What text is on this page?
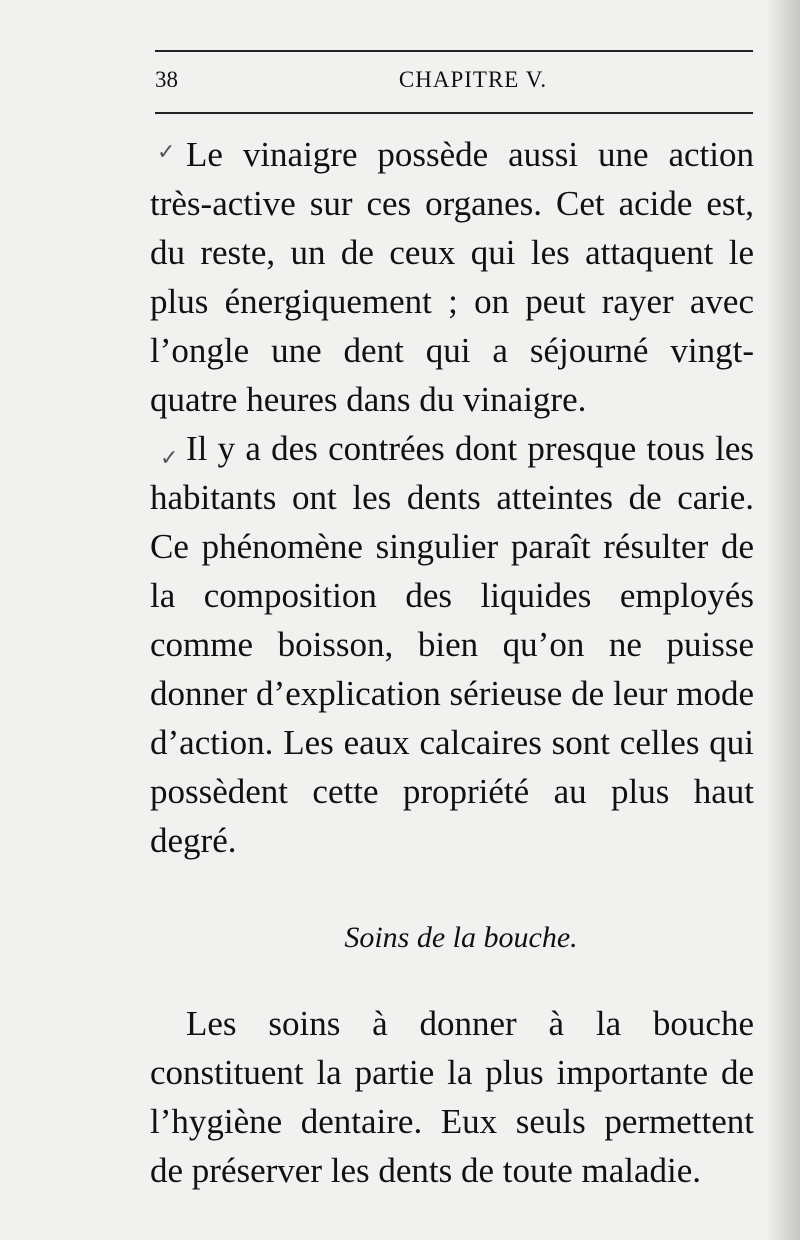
38	CHAPITRE V.
✓
✓

Le vinaigre possède aussi une action très-active sur ces organes. Cet acide est, du reste, un de ceux qui les attaquent le plus énergiquement ; on peut rayer avec l’ongle une dent qui a séjourné vingt-quatre heures dans du vinaigre.

Il y a des contrées dont presque tous les habitants ont les dents atteintes de carie. Ce phénomène singulier paraît résulter de la composition des liquides employés comme boisson, bien qu’on ne puisse donner d’explication sérieuse de leur mode d’action. Les eaux calcaires sont celles qui possèdent cette propriété au plus haut degré.

Soins de la bouche.

Les soins à donner à la bouche constituent la partie la plus importante de l’hygiène dentaire. Eux seuls permettent de préserver les dents de toute maladie.
